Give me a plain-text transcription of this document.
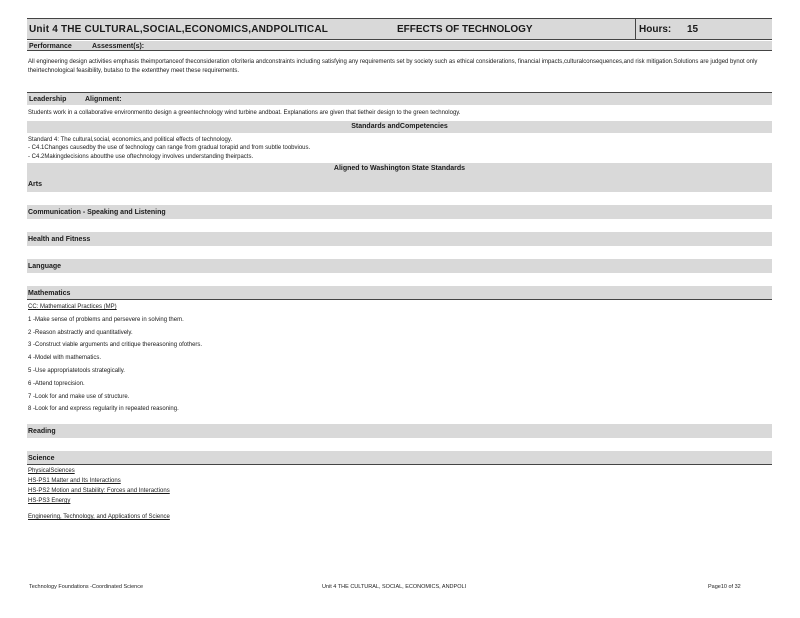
Unit 4 THE CULTURAL,SOCIAL,ECONOMICS,ANDPOLITICAL	EFFECTS OF TECHNOLOGY	Hours: 15
Performance	Assessment(s):
All engineering design activities emphasis theimportanceof theconsideration ofcriteria andconstraints including satisfying any requirements set by society such as ethical considerations, financial impacts,culturalconsequences,and risk mitigation.Solutions are judged bynot only theirtechnological feasibility, butalso to the extentthey meet these requirements.
Leadership	Alignment:
Students work in a collaborative environmentto design a greentechnology wind turbine andboat. Explanations are given that tietheir design to the green technology.
Standards andCompetencies
Standard 4: The cultural,social, economics,and political effects of technology.
- C4.1Changes causedby the use of technology can range from gradual torapid and from subtle toobvious.
- C4.2Makingdecisions aboutthe use oftechnology involves understanding theirpacts.
Aligned to Washington State Standards
Arts
Communication - Speaking and Listening
Health and Fitness
Language
Mathematics
CC: Mathematical Practices (MP)
1 -Make sense of problems and persevere in solving them.
2 -Reason abstractly and quantitatively.
3 -Construct viable arguments and critique thereasoning ofothers.
4 -Model with mathematics.
5 -Use appropriatetools strategically.
6 -Attend toprecision.
7 -Look for and make use of structure.
8 -Look for and express regularity in repeated reasoning.
Reading
Science
PhysicalSciences
HS-PS1 Matter and Its Interactions
HS-PS2 Motion and Stability: Forces and Interactions
HS-PS3 Energy
Engineering, Technology, and Applications of Science
Technology Foundations -Coordinated Science	Unit 4 THE CULTURAL, SOCIAL, ECONOMICS, ANDPOLI	Page10 of 32
